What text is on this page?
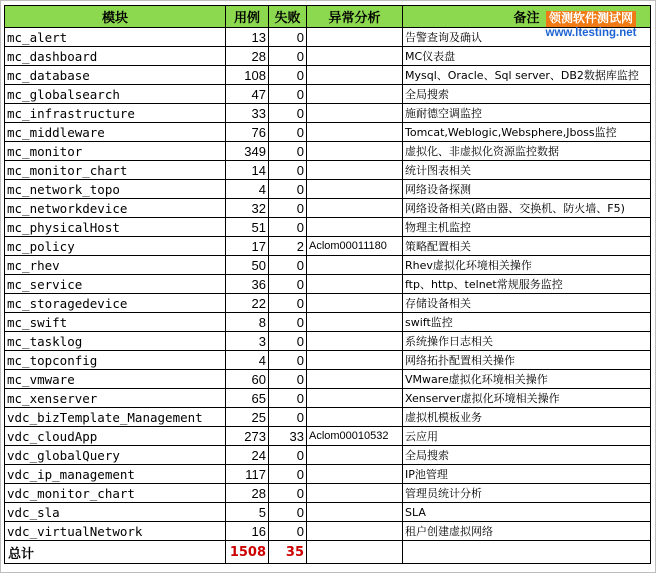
模块	用例	失败	异常分析	备注
mc_alert	13	0		告警查询及确认
mc_dashboard	28	0		MC仪表盘
mc_database	108	0		Mysql、Oracle、Sql server、DB2数据库监控
mc_globalsearch	47	0		全局搜索
mc_infrastructure	33	0		施耐德空调监控
mc_middleware	76	0		Tomcat,Weblogic,Websphere,Jboss监控
mc_monitor	349	0		虚拟化、非虚拟化资源监控数据
mc_monitor_chart	14	0		统计图表相关
mc_network_topo	4	0		网络设备探测
mc_networkdevice	32	0		网络设备相关(路由器、交换机、防火墙、F5)
mc_physicalHost	51	0		物理主机监控
mc_policy	17	2	Aclom00011180	策略配置相关
mc_rhev	50	0		Rhev虚拟化环境相关操作
mc_service	36	0		ftp、http、telnet常规服务监控
mc_storagedevice	22	0		存储设备相关
mc_swift	8	0		swift监控
mc_tasklog	3	0		系统操作日志相关
mc_topconfig	4	0		网络拓扑配置相关操作
mc_vmware	60	0		VMware虚拟化环境相关操作
mc_xenserver	65	0		Xenserver虚拟化环境相关操作
vdc_bizTemplate_Management	25	0		虚拟机模板业务
vdc_cloudApp	273	33	Aclom00010532	云应用
vdc_globalQuery	24	0		全局搜索
vdc_ip_management	117	0		IP池管理
vdc_monitor_chart	28	0		管理员统计分析
vdc_sla	5	0		SLA
vdc_virtualNetwork	16	0		租户创建虚拟网络
总计	1508	35		
领测软件测试网
www.ltesting.net
